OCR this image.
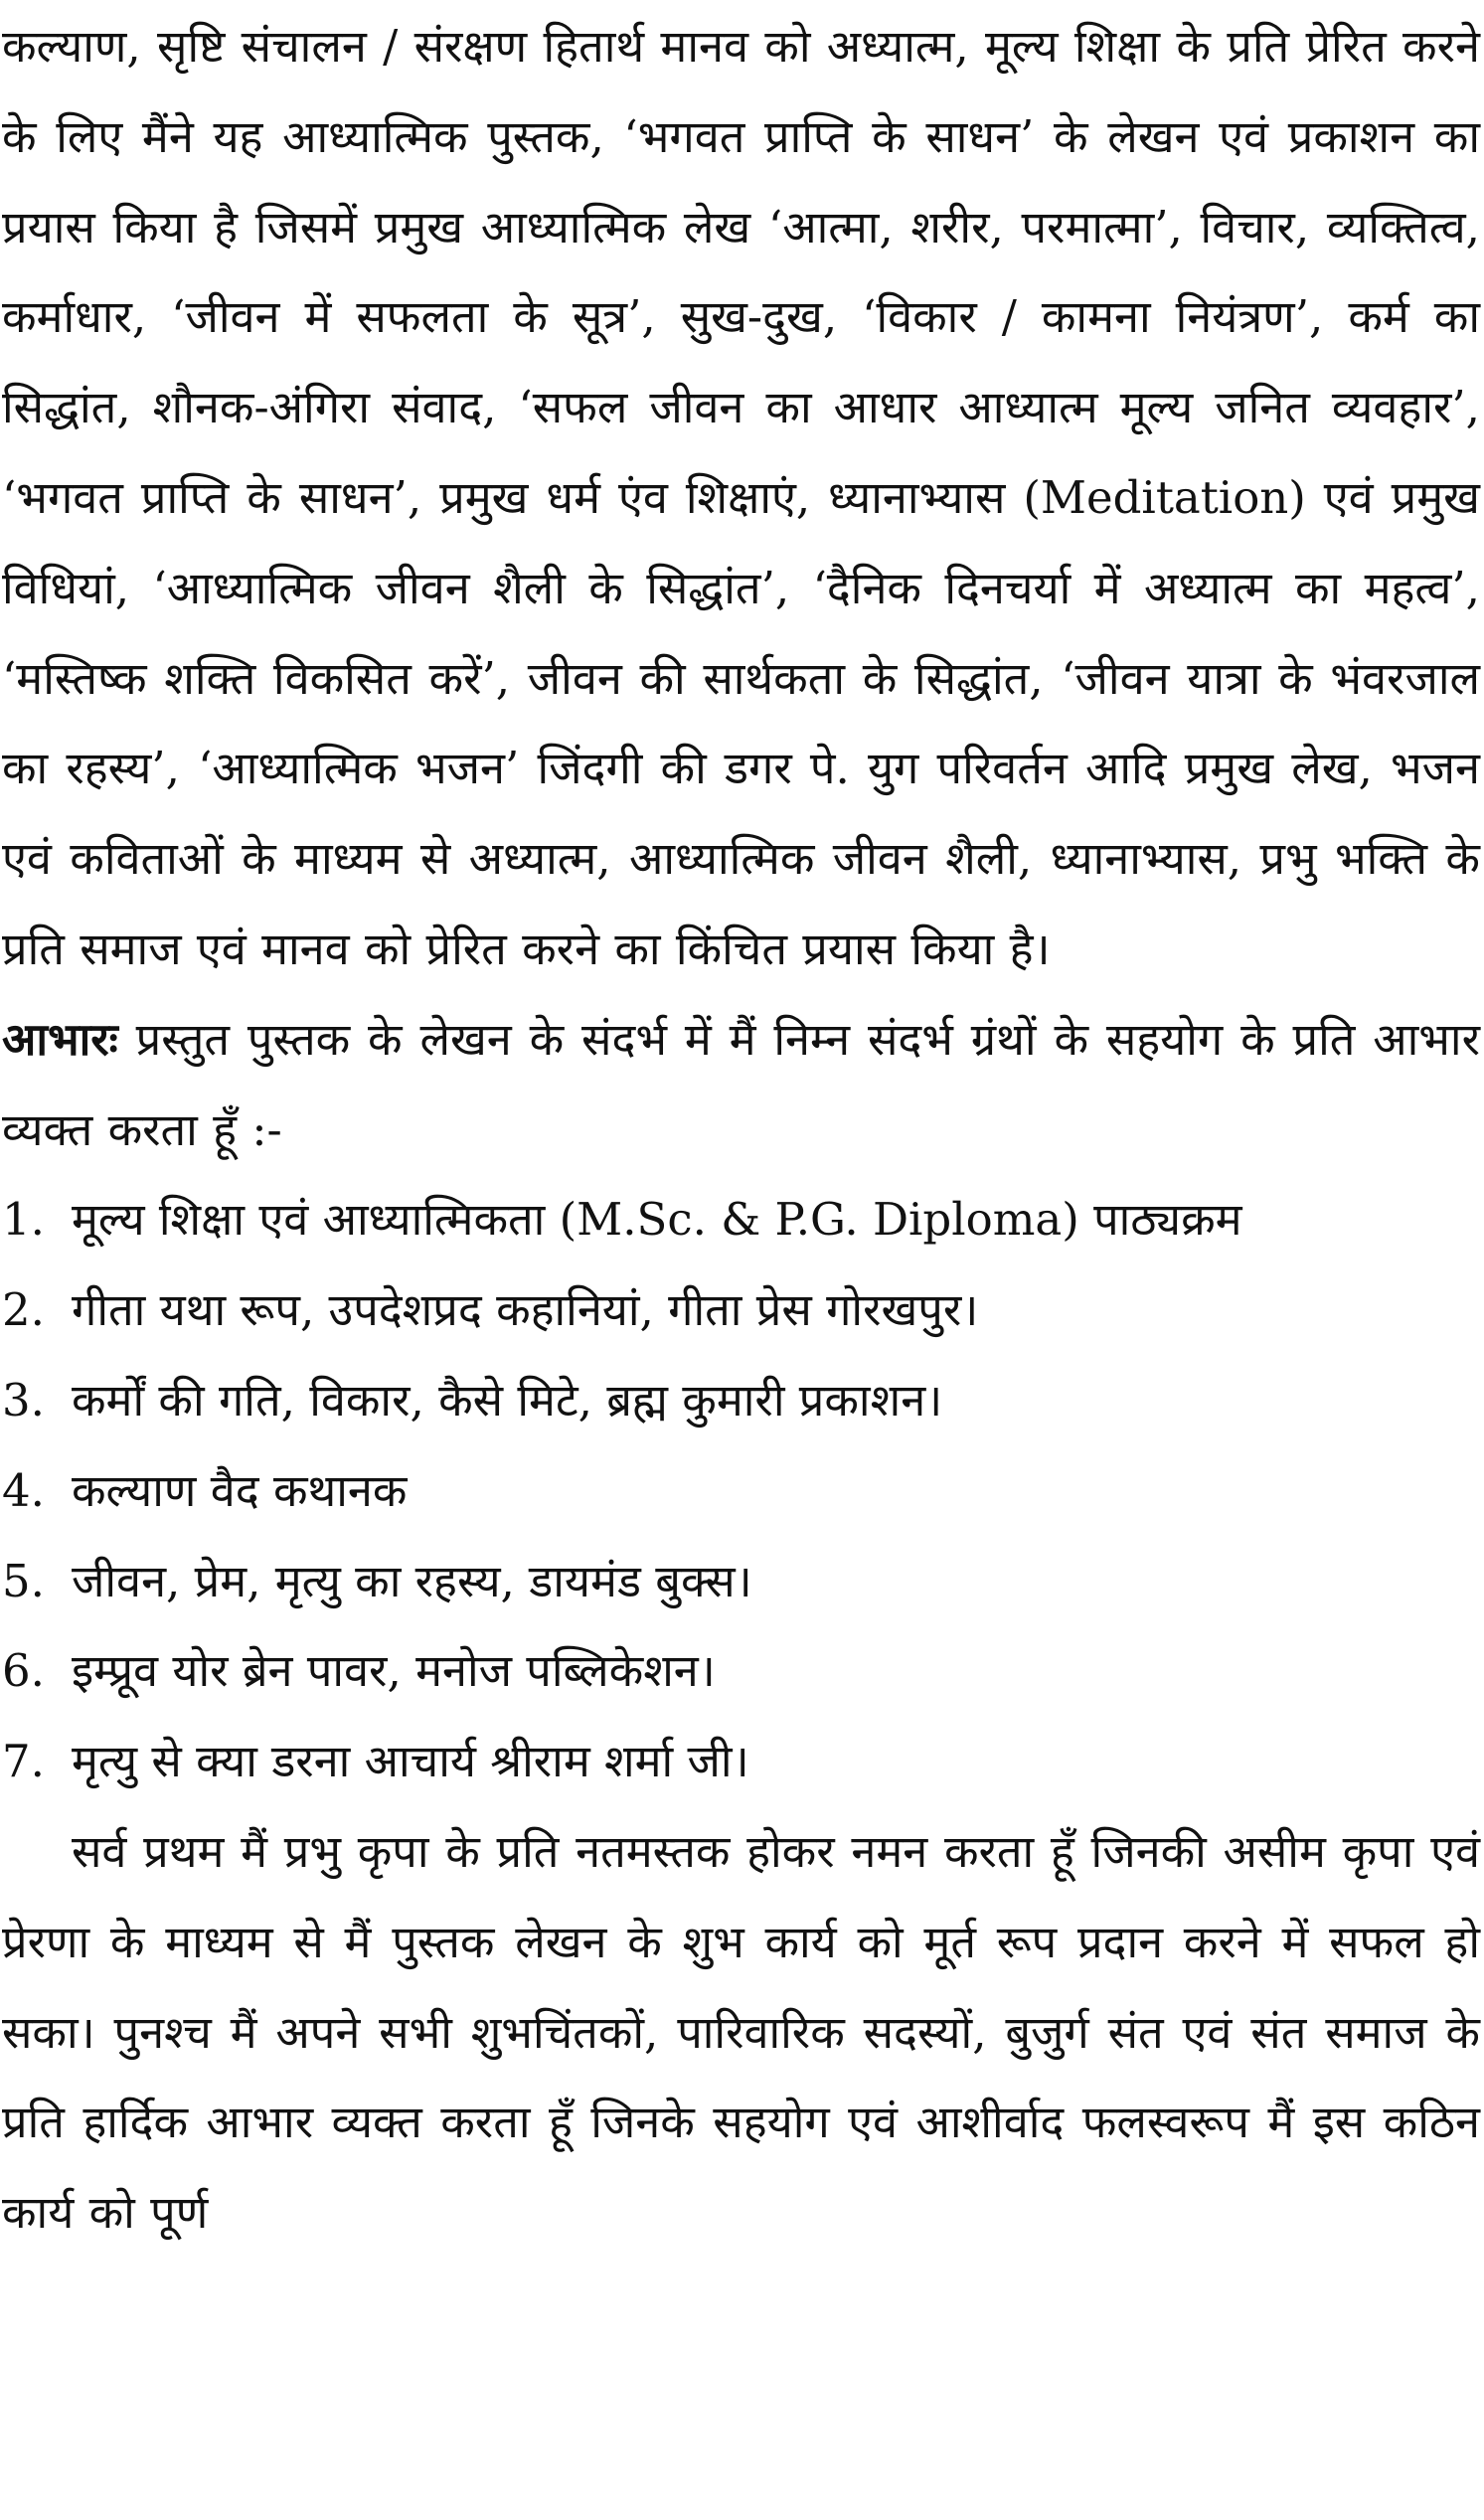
कल्याण, सृष्टि संचालन / संरक्षण हितार्थ मानव को अध्यात्म, मूल्य शिक्षा के प्रति प्रेरित करने के लिए मैंने यह आध्यात्मिक पुस्तक, ‘भगवत प्राप्ति के साधन’ के लेखन एवं प्रकाशन का प्रयास किया है जिसमें प्रमुख आध्यात्मिक लेख ‘आत्मा, शरीर, परमात्मा’, विचार, व्यक्तित्व, कर्माधार, ‘जीवन में सफलता के सूत्र’, सुख-दुख, ‘विकार / कामना नियंत्रण’, कर्म का सिद्धांत, शौनक-अंगिरा संवाद, ‘सफल जीवन का आधार आध्यात्म मूल्य जनित व्यवहार’, ‘भगवत प्राप्ति के साधन’, प्रमुख धर्म एंव शिक्षाएं, ध्यानाभ्यास (Meditation) एवं प्रमुख विधियां, ‘आध्यात्मिक जीवन शैली के सिद्धांत’, ‘दैनिक दिनचर्या में अध्यात्म का महत्व’, ‘मस्तिष्क शक्ति विकसित करें’, जीवन की सार्थकता के सिद्धांत, ‘जीवन यात्रा के भंवरजाल का रहस्य’, ‘आध्यात्मिक भजन’ जिंदगी की डगर पे. युग परिवर्तन आदि प्रमुख लेख, भजन एवं कविताओं के माध्यम से अध्यात्म, आध्यात्मिक जीवन शैली, ध्यानाभ्यास, प्रभु भक्ति के प्रति समाज एवं मानव को प्रेरित करने का किंचित प्रयास किया है।

आभारः प्रस्तुत पुस्तक के लेखन के संदर्भ में मैं निम्न संदर्भ ग्रंथों के सहयोग के प्रति आभार व्यक्त करता हूँ :-

1. मूल्य शिक्षा एवं आध्यात्मिकता (M.Sc. & P.G. Diploma) पाठ्यक्रम
2. गीता यथा रूप, उपदेशप्रद कहानियां, गीता प्रेस गोरखपुर।
3. कर्मों की गति, विकार, कैसे मिटे, ब्रह्म कुमारी प्रकाशन।
4. कल्याण वैद कथानक
5. जीवन, प्रेम, मृत्यु का रहस्य, डायमंड बुक्स।
6. इम्प्रूव योर ब्रेन पावर, मनोज पब्लिकेशन।
7. मृत्यु से क्या डरना आचार्य श्रीराम शर्मा जी।

सर्व प्रथम मैं प्रभु कृपा के प्रति नतमस्तक होकर नमन करता हूँ जिनकी असीम कृपा एवं प्रेरणा के माध्यम से मैं पुस्तक लेखन के शुभ कार्य को मूर्त रूप प्रदान करने में सफल हो सका। पुनश्च मैं अपने सभी शुभचिंतकों, पारिवारिक सदस्यों, बुजुर्ग संत एवं संत समाज के प्रति हार्दिक आभार व्यक्त करता हूँ जिनके सहयोग एवं आशीर्वाद फलस्वरूप मैं इस कठिन कार्य को पूर्ण
